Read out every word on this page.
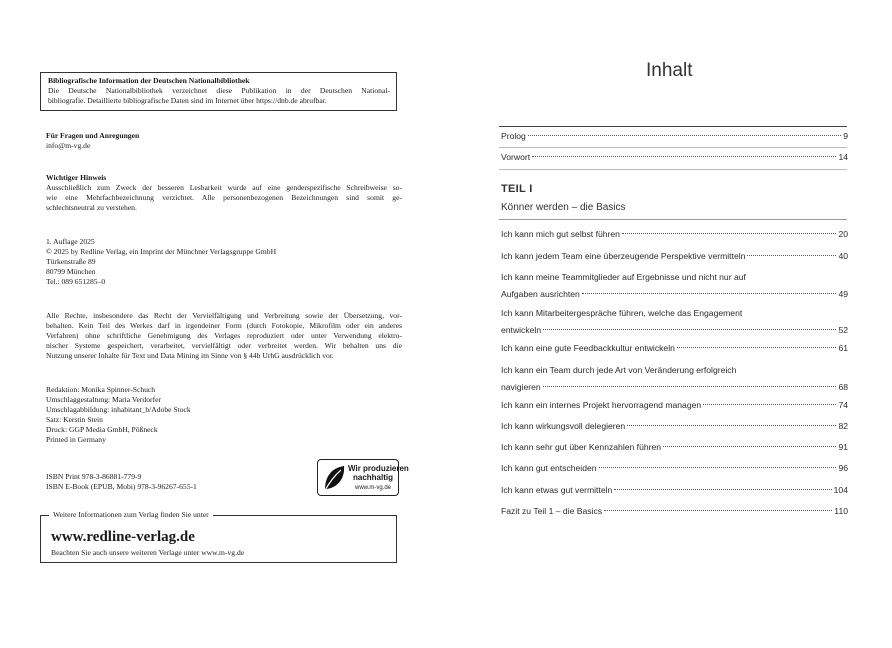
Bibliografische Information der Deutschen Nationalbibliothek
Die Deutsche Nationalbibliothek verzeichnet diese Publikation in der Deutschen National-
bibliografie. Detaillierte bibliografische Daten sind im Internet über https://dnb.de abrufbar.
Für Fragen und Anregungen
info@m-vg.de
Wichtiger Hinweis
Ausschließlich zum Zweck der besseren Lesbarkeit wurde auf eine genderspezifische Schreibweise so-
wie eine Mehrfachbezeichnung verzichtet. Alle personenbezogenen Bezeichnungen sind somit ge-
schlechtsneutral zu verstehen.
1. Auflage 2025
© 2025 by Redline Verlag, ein Imprint der Münchner Verlagsgruppe GmbH
Türkenstraße 89
80799 München
Tel.: 089 651285–0
Alle Rechte, insbesondere das Recht der Vervielfältigung und Verbreitung sowie der Übersetzung, vor-
behalten. Kein Teil des Werkes darf in irgendeiner Form (durch Fotokopie, Mikrofilm oder ein anderes
Verfahren) ohne schriftliche Genehmigung des Verlages reproduziert oder unter Verwendung elektro-
nischer Systeme gespeichert, verarbeitet, vervielfältigt oder verbreitet werden. Wir behalten uns die
Nutzung unserer Inhalte für Text und Data Mining im Sinne von § 44b UrhG ausdrücklich vor.
Redaktion: Monika Spinner-Schuch
Umschlaggestaltung: Maria Verdorfer
Umschlagabbildung: inhabitant_b/Adobe Stock
Satz: Kerstin Stein
Druck: GGP Media GmbH, Pößneck
Printed in Germany
ISBN Print 978-3-86881-779-9
ISBN E-Book (EPUB, Mobi) 978-3-96267-655-1
Wir produzieren
nachhaltig
www.m-vg.de
Weitere Informationen zum Verlag finden Sie unter
www.redline-verlag.de
Beachten Sie auch unsere weiteren Verlage unter www.m-vg.de
Inhalt
Prolog	9
Vorwort	14
TEIL I
Könner werden – die Basics
Ich kann mich gut selbst führen	20
Ich kann jedem Team eine überzeugende Perspektive vermitteln	40
Ich kann meine Teammitglieder auf Ergebnisse und nicht nur auf
Aufgaben ausrichten	49
Ich kann Mitarbeitergespräche führen, welche das Engagement
entwickeln	52
Ich kann eine gute Feedbackkultur entwickeln	61
Ich kann ein Team durch jede Art von Veränderung erfolgreich
navigieren	68
Ich kann ein internes Projekt hervorragend managen	74
Ich kann wirkungsvoll delegieren	82
Ich kann sehr gut über Kennzahlen führen	91
Ich kann gut entscheiden	96
Ich kann etwas gut vermitteln	104
Fazit zu Teil 1 – die Basics	110
